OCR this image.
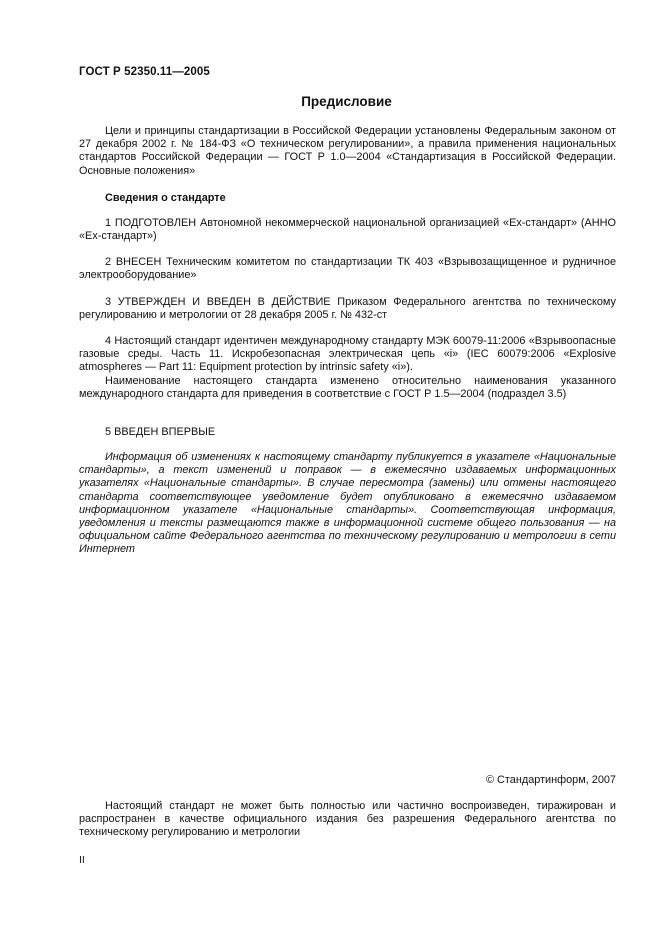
ГОСТ Р 52350.11—2005
Предисловие

Цели и принципы стандартизации в Российской Федерации установлены Федеральным законом от 27 декабря 2002 г. № 184-ФЗ «О техническом регулировании», а правила применения национальных стандартов Российской Федерации — ГОСТ Р 1.0—2004 «Стандартизация в Российской Федерации. Основные положения»

Сведения о стандарте

1 ПОДГОТОВЛЕН Автономной некоммерческой национальной организацией «Ех-стандарт» (АННО «Ех-стандарт»)

2 ВНЕСЕН Техническим комитетом по стандартизации ТК 403 «Взрывозащищенное и рудничное электрооборудование»

3 УТВЕРЖДЕН И ВВЕДЕН В ДЕЙСТВИЕ Приказом Федерального агентства по техническому регулированию и метрологии от 28 декабря 2005 г. № 432-ст

4 Настоящий стандарт идентичен международному стандарту МЭК 60079-11:2006 «Взрывоопасные газовые среды. Часть 11. Искробезопасная электрическая цепь «i» (IEC 60079:2006 «Explosive atmospheres — Part 11: Equipment protection by intrinsic safety «i»).

Наименование настоящего стандарта изменено относительно наименования указанного международного стандарта для приведения в соответствие с ГОСТ Р 1.5—2004 (подраздел 3.5)

5 ВВЕДЕН ВПЕРВЫЕ

Информация об изменениях к настоящему стандарту публикуется в указателе «Национальные стандарты», а текст изменений и поправок — в ежемесячно издаваемых информационных указателях «Национальные стандарты». В случае пересмотра (замены) или отмены настоящего стандарта соответствующее уведомление будет опубликовано в ежемесячно издаваемом информационном указателе «Национальные стандарты». Соответствующая информация, уведомления и тексты размещаются также в информационной системе общего пользования — на официальном сайте Федерального агентства по техническому регулированию и метрологии в сети Интернет

© Стандартинформ, 2007

Настоящий стандарт не может быть полностью или частично воспроизведен, тиражирован и распространен в качестве официального издания без разрешения Федерального агентства по техническому регулированию и метрологии

II
